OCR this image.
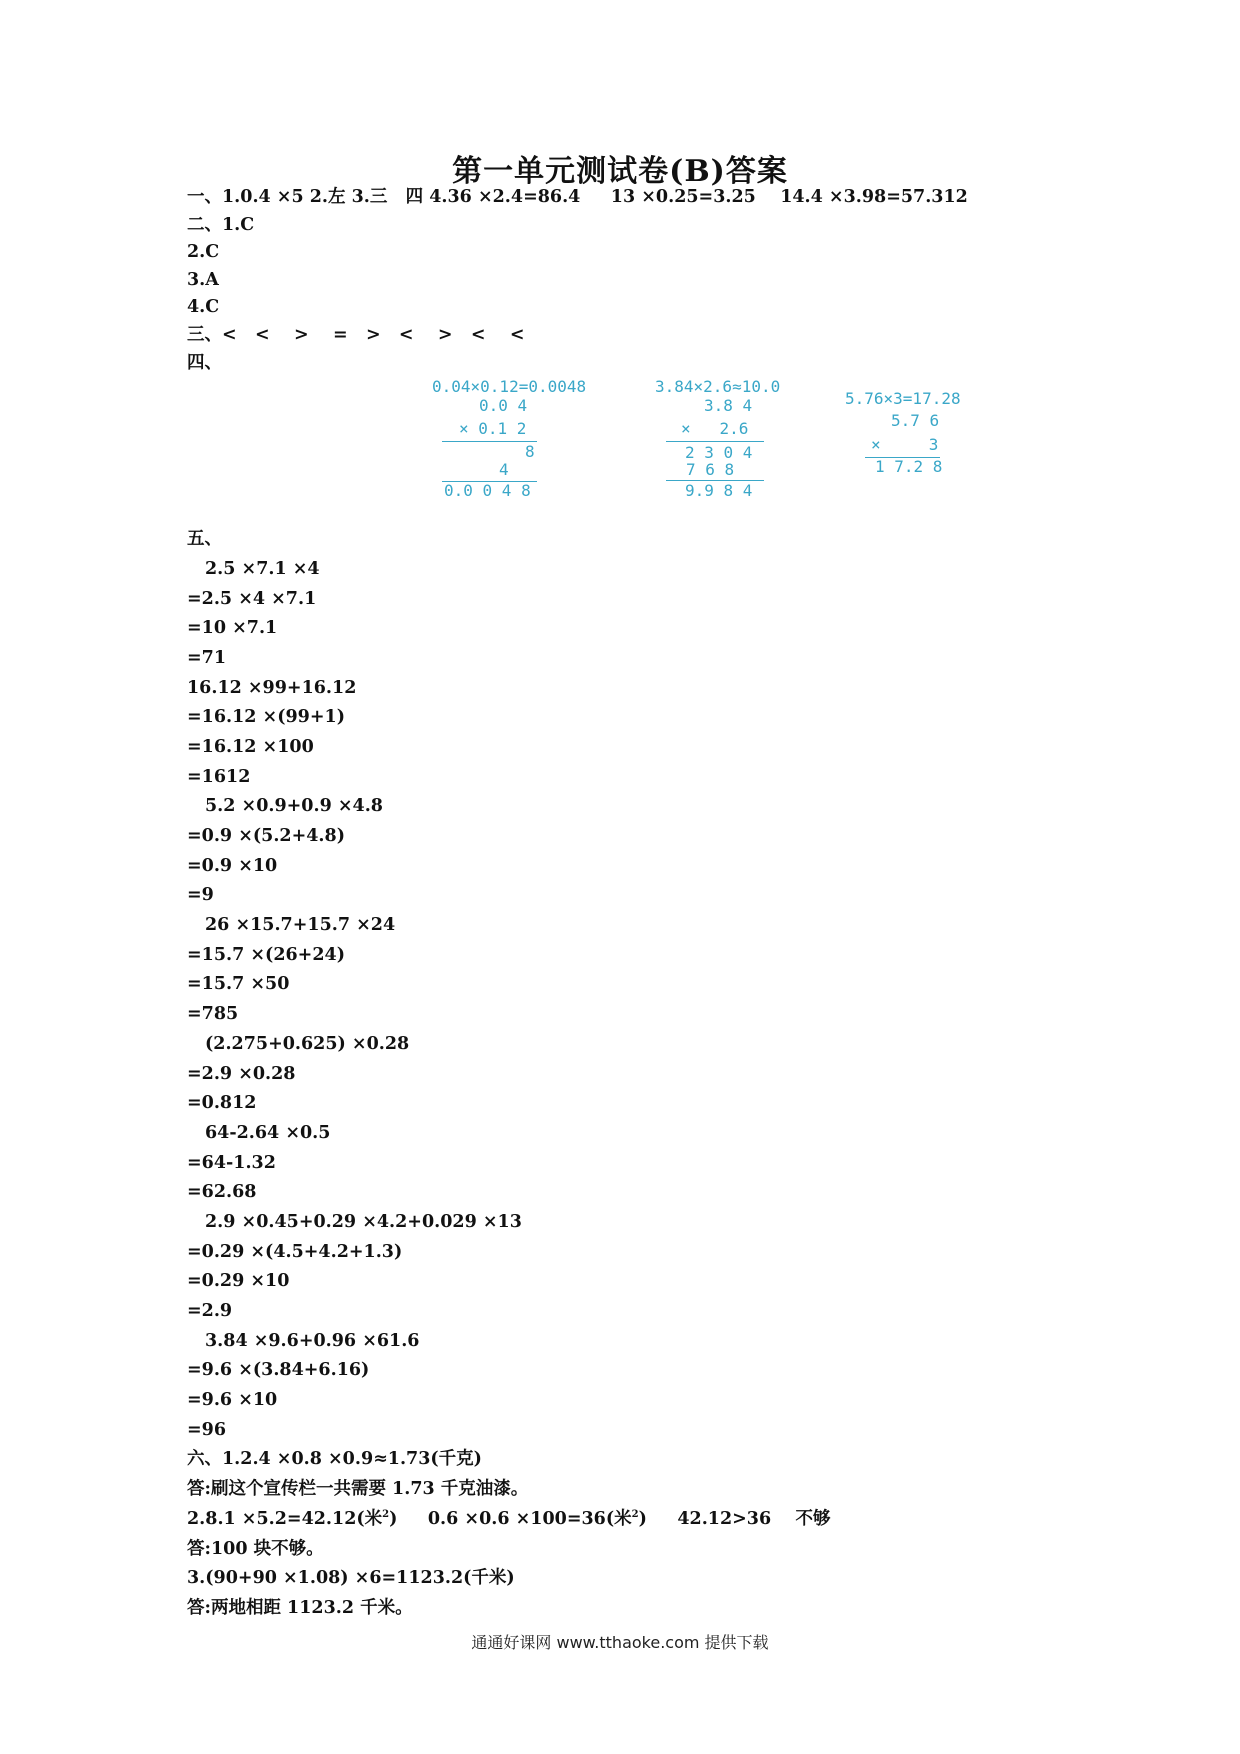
第一单元测试卷(B)答案
一、1.0.4 ×5 2.左 3.三   四 4.36 ×2.4=86.4     13 ×0.25=3.25    14.4 ×3.98=57.312
二、1.C
2.C
3.A
4.C
三、<   <    >    =   >   <    >   <    <
四、
0.04×0.12=0.0048
0.0 4
× 0.1 2
8
4
0.0 0 4 8
3.84×2.6≈10.0
3.8 4
×   2.6
2 3 0 4
7 6 8
9.9 8 4
5.76×3=17.28
5.7 6
×     3
1 7.2 8
五、
2.5 ×7.1 ×4
=2.5 ×4 ×7.1
=10 ×7.1
=71
16.12 ×99+16.12
=16.12 ×(99+1)
=16.12 ×100
=1612
5.2 ×0.9+0.9 ×4.8
=0.9 ×(5.2+4.8)
=0.9 ×10
=9
26 ×15.7+15.7 ×24
=15.7 ×(26+24)
=15.7 ×50
=785
(2.275+0.625) ×0.28
=2.9 ×0.28
=0.812
64-2.64 ×0.5
=64-1.32
=62.68
2.9 ×0.45+0.29 ×4.2+0.029 ×13
=0.29 ×(4.5+4.2+1.3)
=0.29 ×10
=2.9
3.84 ×9.6+0.96 ×61.6
=9.6 ×(3.84+6.16)
=9.6 ×10
=96
六、1.2.4 ×0.8 ×0.9≈1.73(千克)
答:刷这个宣传栏一共需要 1.73 千克油漆。
2.8.1 ×5.2=42.12(米$^2$)     0.6 ×0.6 ×100=36(米$^2$)     42.12>36    不够
答:100 块不够。
3.(90+90 ×1.08) ×6=1123.2(千米)
答:两地相距 1123.2 千米。
通通好课网 www.tthaoke.com 提供下载
